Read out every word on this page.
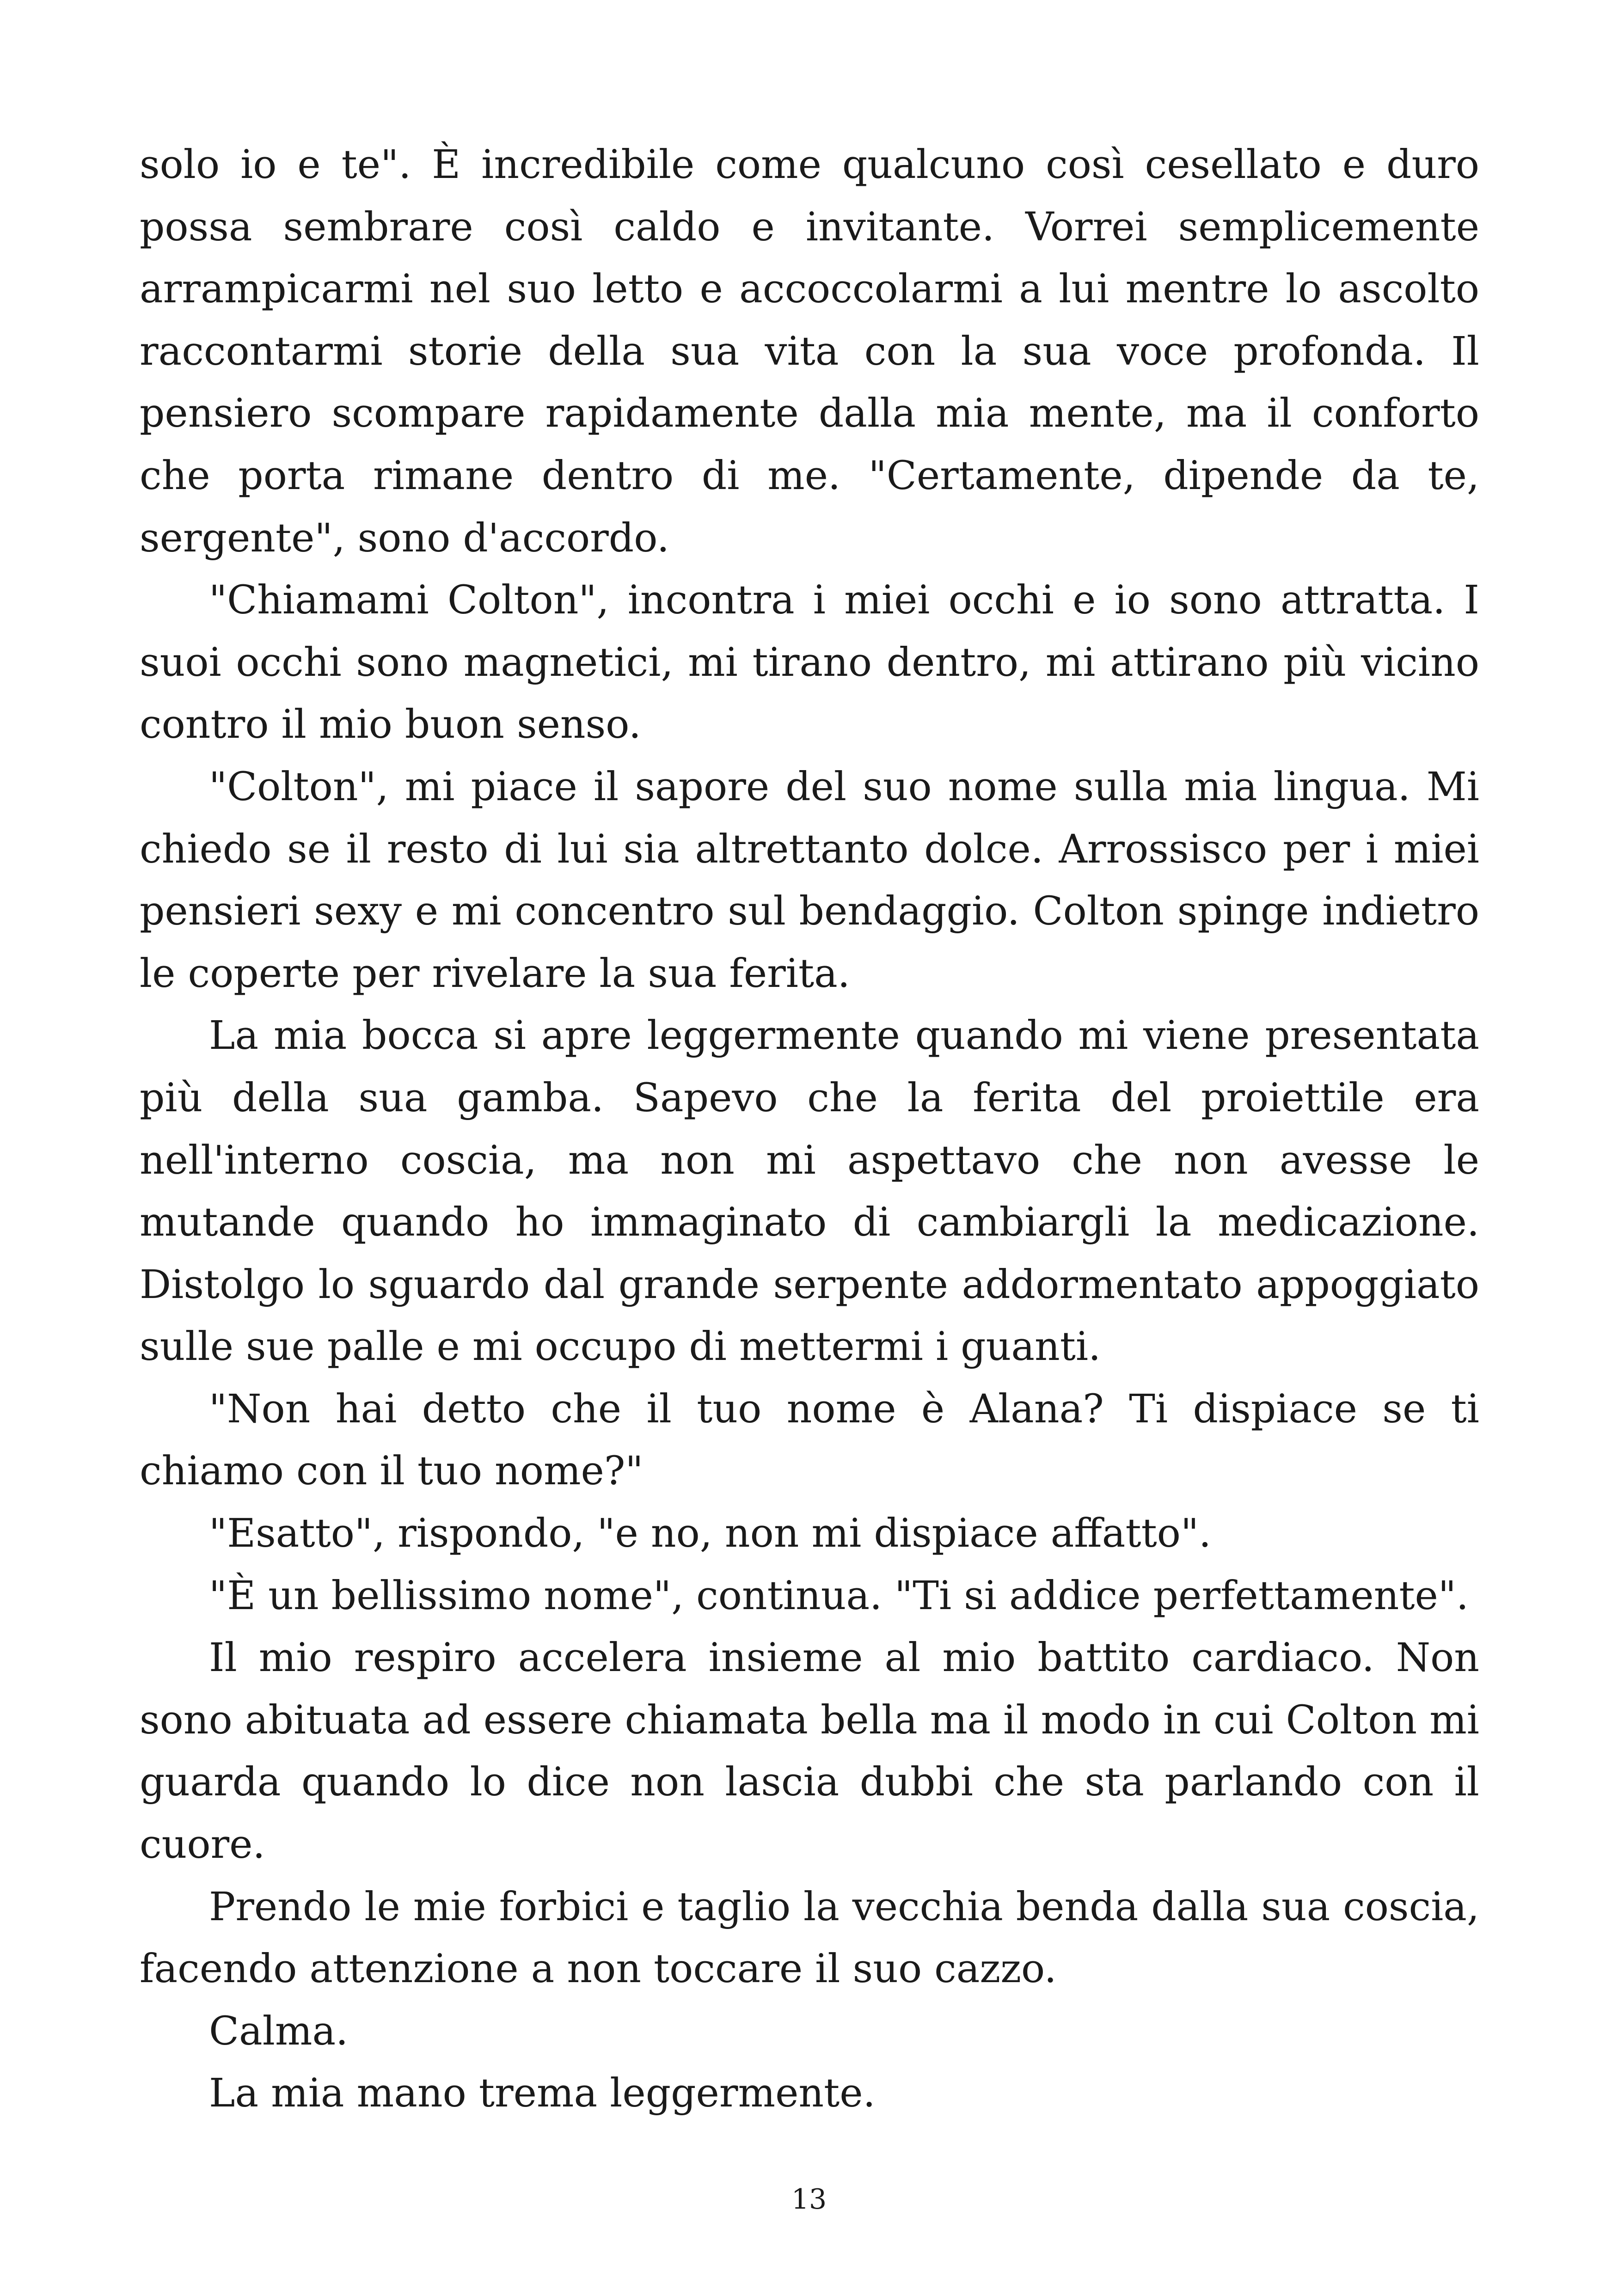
solo io e te". È incredibile come qualcuno così cesellato e duro possa sembrare così caldo e invitante. Vorrei semplicemente arrampicarmi nel suo letto e accoccolarmi a lui mentre lo ascolto raccontarmi storie della sua vita con la sua voce profonda. Il pensiero scompare rapidamente dalla mia mente, ma il conforto che porta rimane dentro di me. "Certamente, dipende da te, sergente", sono d'accordo.

"Chiamami Colton", incontra i miei occhi e io sono attratta. I suoi occhi sono magnetici, mi tirano dentro, mi attirano più vicino contro il mio buon senso.

"Colton", mi piace il sapore del suo nome sulla mia lingua. Mi chiedo se il resto di lui sia altrettanto dolce. Arrossisco per i miei pensieri sexy e mi concentro sul bendaggio. Colton spinge indietro le coperte per rivelare la sua ferita.

La mia bocca si apre leggermente quando mi viene presentata più della sua gamba. Sapevo che la ferita del proiettile era nell'interno coscia, ma non mi aspettavo che non avesse le mutande quando ho immaginato di cambiargli la medicazione. Distolgo lo sguardo dal grande serpente addormentato appoggiato sulle sue palle e mi occupo di mettermi i guanti.

"Non hai detto che il tuo nome è Alana? Ti dispiace se ti chiamo con il tuo nome?"

"Esatto", rispondo, "e no, non mi dispiace affatto".

"È un bellissimo nome", continua. "Ti si addice perfettamente".

Il mio respiro accelera insieme al mio battito cardiaco. Non sono abituata ad essere chiamata bella ma il modo in cui Colton mi guarda quando lo dice non lascia dubbi che sta parlando con il cuore.

Prendo le mie forbici e taglio la vecchia benda dalla sua coscia, facendo attenzione a non toccare il suo cazzo.

Calma.

La mia mano trema leggermente.

13
